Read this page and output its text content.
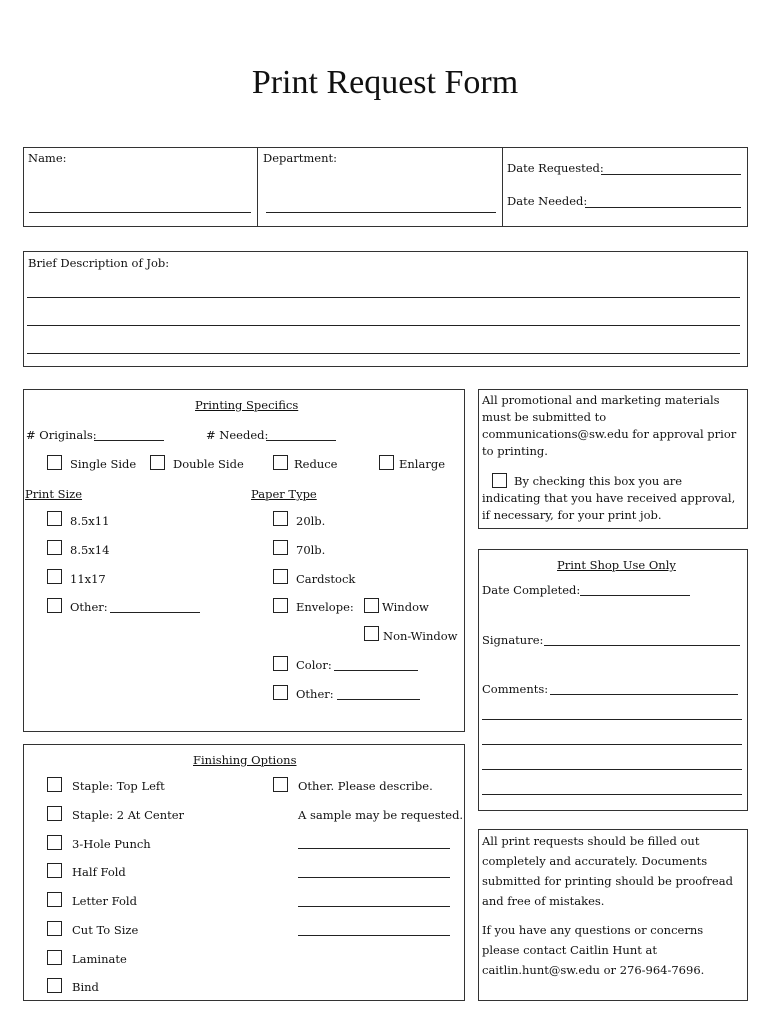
Print Request Form
Name:	Department:
Date Requested:
Date Needed:
Brief Description of Job:
Printing Specifics
# Originals:	# Needed:
Single Side	Double Side	Reduce	Enlarge
Print Size	Paper Type
8.5x11
8.5x14
11x17
Other:
20lb.
70lb.
Cardstock
Envelope: Window
Non-Window
Color:
Other:
All promotional and marketing materials must be submitted to communications@sw.edu for approval prior to printing.
By checking this box you are indicating that you have received approval, if necessary, for your print job.
Print Shop Use Only
Date Completed:
Signature:
Comments:
Finishing Options
Staple: Top Left
Staple: 2 At Center
3-Hole Punch
Half Fold
Letter Fold
Cut To Size
Laminate
Bind
Other. Please describe.
A sample may be requested.
All print requests should be filled out completely and accurately. Documents submitted for printing should be proofread and free of mistakes.
If you have any questions or concerns please contact Caitlin Hunt at caitlin.hunt@sw.edu or 276-964-7696.
